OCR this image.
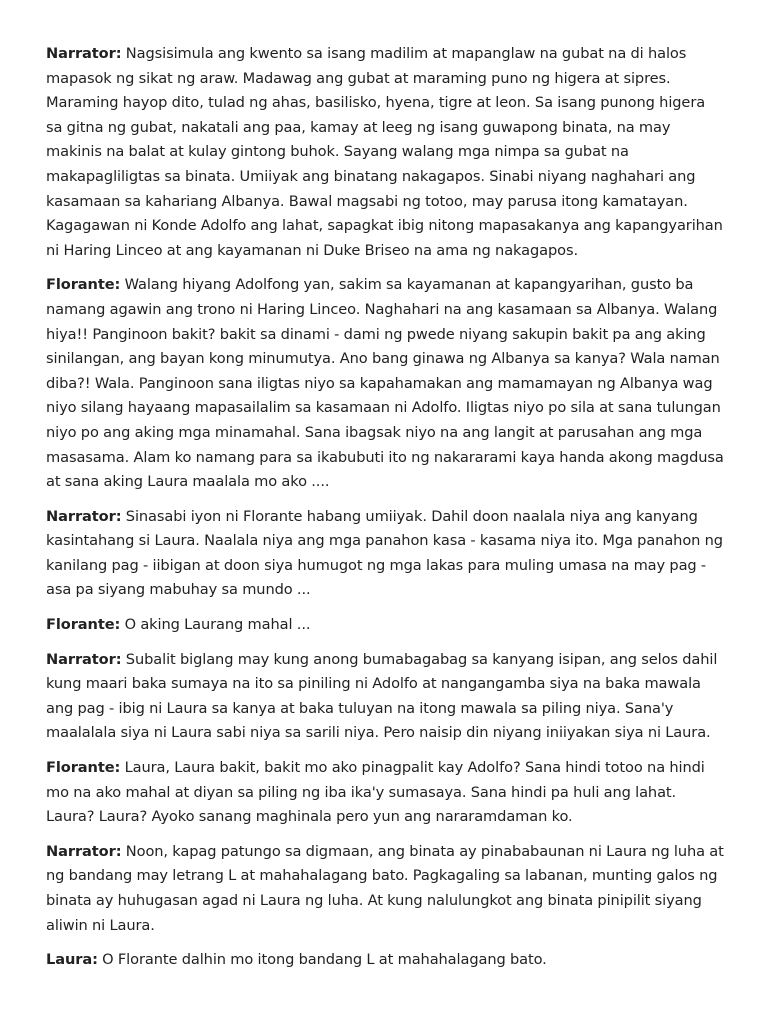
Narrator: Nagsisimula ang kwento sa isang madilim at mapanglaw na gubat na di halos mapasok ng sikat ng araw. Madawag ang gubat at maraming puno ng higera at sipres. Maraming hayop dito, tulad ng ahas, basilisko, hyena, tigre at leon. Sa isang punong higera sa gitna ng gubat, nakatali ang paa, kamay at leeg ng isang guwapong binata, na may makinis na balat at kulay gintong buhok. Sayang walang mga nimpa sa gubat na makapagliligtas sa binata. Umiiyak ang binatang nakagapos. Sinabi niyang naghahari ang kasamaan sa kahariang Albanya. Bawal magsabi ng totoo, may parusa itong kamatayan. Kagagawan ni Konde Adolfo ang lahat, sapagkat ibig nitong mapasakanya ang kapangyarihan ni Haring Linceo at ang kayamanan ni Duke Briseo na ama ng nakagapos.

Florante: Walang hiyang Adolfong yan, sakim sa kayamanan at kapangyarihan, gusto ba namang agawin ang trono ni Haring Linceo. Naghahari na ang kasamaan sa Albanya. Walang hiya!! Panginoon bakit? bakit sa dinami - dami ng pwede niyang sakupin bakit pa ang aking sinilangan, ang bayan kong minumutya. Ano bang ginawa ng Albanya sa kanya? Wala naman diba?! Wala. Panginoon sana iligtas niyo sa kapahamakan ang mamamayan ng Albanya wag niyo silang hayaang mapasailalim sa kasamaan ni Adolfo. Iligtas niyo po sila at sana tulungan niyo po ang aking mga minamahal. Sana ibagsak niyo na ang langit at parusahan ang mga masasama. Alam ko namang para sa ikabubuti ito ng nakararami kaya handa akong magdusa at sana aking Laura maalala mo ako ....

Narrator: Sinasabi iyon ni Florante habang umiiyak. Dahil doon naalala niya ang kanyang kasintahang si Laura. Naalala niya ang mga panahon kasa - kasama niya ito. Mga panahon ng kanilang pag - iibigan at doon siya humugot ng mga lakas para muling umasa na may pag - asa pa siyang mabuhay sa mundo ...

Florante: O aking Laurang mahal ...

Narrator: Subalit biglang may kung anong bumabagabag sa kanyang isipan, ang selos dahil kung maari baka sumaya na ito sa piniling ni Adolfo at nangangamba siya na baka mawala ang pag - ibig ni Laura sa kanya at baka tuluyan na itong mawala sa piling niya. Sana'y maalalala siya ni Laura sabi niya sa sarili niya. Pero naisip din niyang iniiyakan siya ni Laura.

Florante: Laura, Laura bakit, bakit mo ako pinagpalit kay Adolfo? Sana hindi totoo na hindi mo na ako mahal at diyan sa piling ng iba ika'y sumasaya. Sana hindi pa huli ang lahat. Laura? Laura? Ayoko sanang maghinala pero yun ang nararamdaman ko.

Narrator: Noon, kapag patungo sa digmaan, ang binata ay pinababaunan ni Laura ng luha at ng bandang may letrang L at mahahalagang bato. Pagkagaling sa labanan, munting galos ng binata ay huhugasan agad ni Laura ng luha. At kung nalulungkot ang binata pinipilit siyang aliwin ni Laura.

Laura: O Florante dalhin mo itong bandang L at mahahalagang bato.
